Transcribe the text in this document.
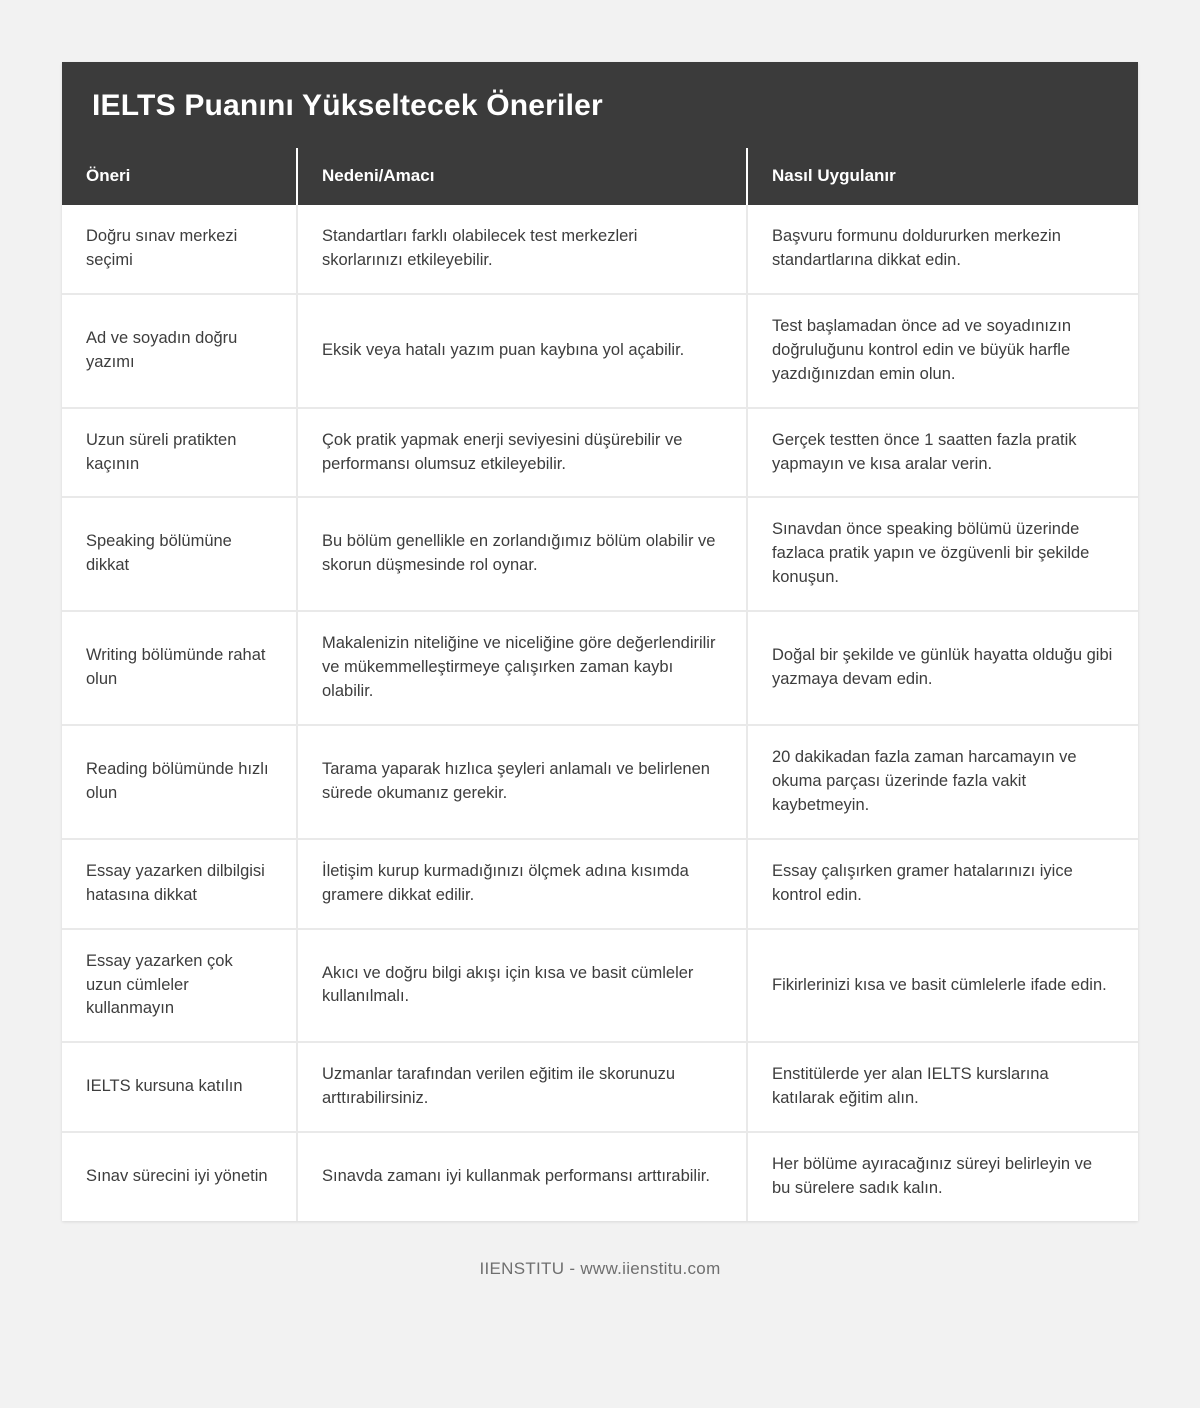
IELTS Puanını Yükseltecek Öneriler
Öneri	Nedeni/Amacı	Nasıl Uygulanır
Doğru sınav merkezi seçimi	Standartları farklı olabilecek test merkezleri skorlarınızı etkileyebilir.	Başvuru formunu doldururken merkezin standartlarına dikkat edin.
Ad ve soyadın doğru yazımı	Eksik veya hatalı yazım puan kaybına yol açabilir.	Test başlamadan önce ad ve soyadınızın doğruluğunu kontrol edin ve büyük harfle yazdığınızdan emin olun.
Uzun süreli pratikten kaçının	Çok pratik yapmak enerji seviyesini düşürebilir ve performansı olumsuz etkileyebilir.	Gerçek testten önce 1 saatten fazla pratik yapmayın ve kısa aralar verin.
Speaking bölümüne dikkat	Bu bölüm genellikle en zorlandığımız bölüm olabilir ve skorun düşmesinde rol oynar.	Sınavdan önce speaking bölümü üzerinde fazlaca pratik yapın ve özgüvenli bir şekilde konuşun.
Writing bölümünde rahat olun	Makalenizin niteliğine ve niceliğine göre değerlendirilir ve mükemmelleştirmeye çalışırken zaman kaybı olabilir.	Doğal bir şekilde ve günlük hayatta olduğu gibi yazmaya devam edin.
Reading bölümünde hızlı olun	Tarama yaparak hızlıca şeyleri anlamalı ve belirlenen sürede okumanız gerekir.	20 dakikadan fazla zaman harcamayın ve okuma parçası üzerinde fazla vakit kaybetmeyin.
Essay yazarken dilbilgisi hatasına dikkat	İletişim kurup kurmadığınızı ölçmek adına kısımda gramere dikkat edilir.	Essay çalışırken gramer hatalarınızı iyice kontrol edin.
Essay yazarken çok uzun cümleler kullanmayın	Akıcı ve doğru bilgi akışı için kısa ve basit cümleler kullanılmalı.	Fikirlerinizi kısa ve basit cümlelerle ifade edin.
IELTS kursuna katılın	Uzmanlar tarafından verilen eğitim ile skorunuzu arttırabilirsiniz.	Enstitülerde yer alan IELTS kurslarına katılarak eğitim alın.
Sınav sürecini iyi yönetin	Sınavda zamanı iyi kullanmak performansı arttırabilir.	Her bölüme ayıracağınız süreyi belirleyin ve bu sürelere sadık kalın.
IIENSTITU - www.iienstitu.com
